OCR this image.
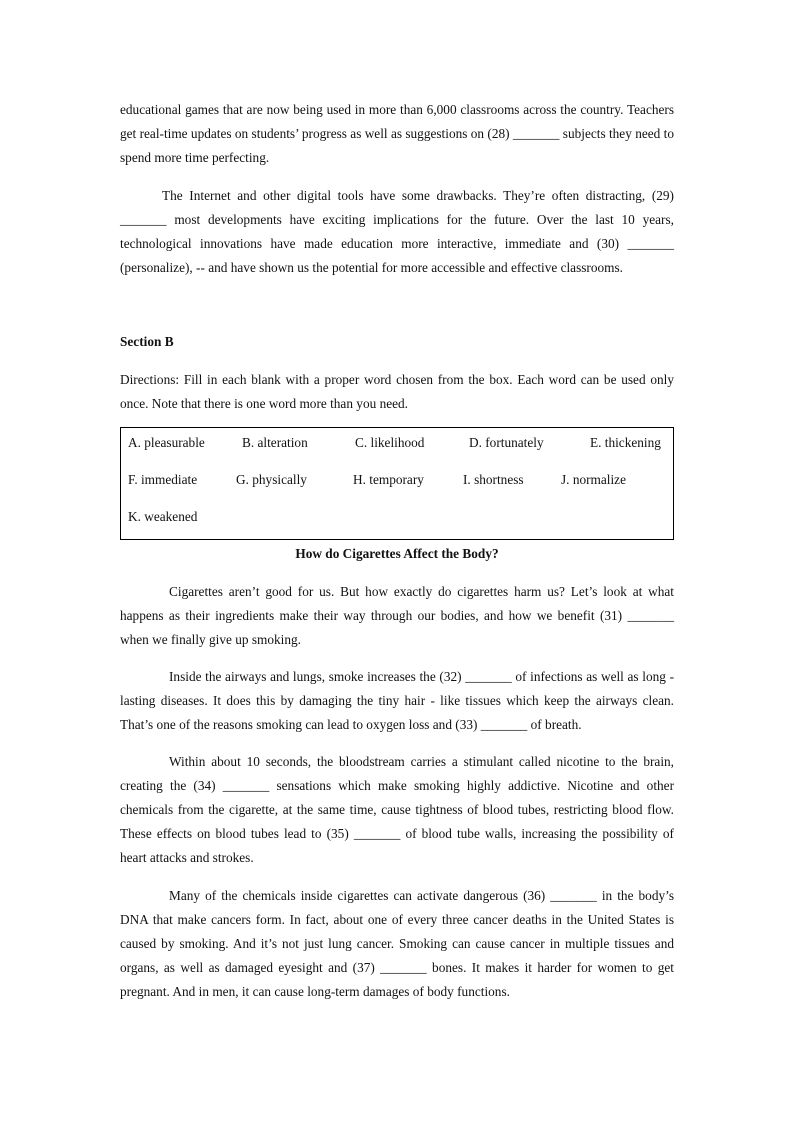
educational games that are now being used in more than 6,000 classrooms across the country. Teachers get real-time updates on students’ progress as well as suggestions on (28) _______ subjects they need to spend more time perfecting.

The Internet and other digital tools have some drawbacks. They’re often distracting, (29) _______ most developments have exciting implications for the future. Over the last 10 years, technological innovations have made education more interactive, immediate and (30) _______ (personalize), -- and have shown us the potential for more accessible and effective classrooms.

Section B

Directions: Fill in each blank with a proper word chosen from the box. Each word can be used only once. Note that there is one word more than you need.

A. pleasurable	B. alteration	C. likelihood	D. fortunately	E. thickening
F. immediate	G. physically	H. temporary	I. shortness	J. normalize
K. weakened
How do Cigarettes Affect the Body?

Cigarettes aren’t good for us. But how exactly do cigarettes harm us? Let’s look at what happens as their ingredients make their way through our bodies, and how we benefit (31) _______ when we finally give up smoking.

Inside the airways and lungs, smoke increases the (32) _______ of infections as well as long - lasting diseases. It does this by damaging the tiny hair - like tissues which keep the airways clean. That’s one of the reasons smoking can lead to oxygen loss and (33) _______ of breath.

Within about 10 seconds, the bloodstream carries a stimulant called nicotine to the brain, creating the (34) _______ sensations which make smoking highly addictive. Nicotine and other chemicals from the cigarette, at the same time, cause tightness of blood tubes, restricting blood flow. These effects on blood tubes lead to (35) _______ of blood tube walls, increasing the possibility of heart attacks and strokes.

Many of the chemicals inside cigarettes can activate dangerous (36) _______ in the body’s DNA that make cancers form. In fact, about one of every three cancer deaths in the United States is caused by smoking. And it’s not just lung cancer. Smoking can cause cancer in multiple tissues and organs, as well as damaged eyesight and (37) _______ bones. It makes it harder for women to get pregnant. And in men, it can cause long-term damages of body functions.
